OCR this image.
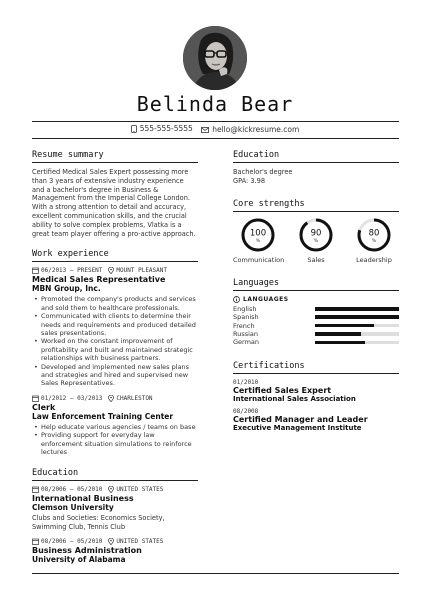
Belinda Bear
555-555-5555
	hello@kickresume.com
Resume summary
Certified Medical Sales Expert possessing more than 3 years of extensive industry experience and a bachelor's degree in Business & Management from the Imperial College London. With a strong attention to detail and accuracy, excellent communication skills, and the crucial ability to solve complex problems, Vlatka is a great team player offering a pro-active approach.
Work experience
06/2013 – PRESENT MOUNT PLEASANT
Medical Sales Representative
MBN Group, Inc.
• Promoted the company's products and services and sold them to healthcare professionals.
• Communicated with clients to determine their needs and requirements and produced detailed sales presentations.
• Worked on the constant improvement of profitability and built and maintained strategic relationships with business partners.
• Developed and implemented new sales plans and strategies and hired and supervised new Sales Representatives.
01/2012 – 03/2013 CHARLESTON
Clerk
Law Enforcement Training Center
• Help educate various agencies / teams on base
• Providing support for everyday law enforcement situation simulations to reinforce lectures
Education
08/2006 – 05/2010 UNITED STATES
International Business
Clemson University
Clubs and Societies: Economics Society, Swimming Club, Tennis Club
08/2006 – 05/2010 UNITED STATES
Business Administration
University of Alabama
Education
Bachelor's degree
GPA: 3.98
Core strengths
100
%
Communication
90
%
Sales
80
%
Leadership
Languages
LANGUAGES
English
Spanish
French
Russian
German
Certifications
01/2010
Certified Sales Expert
International Sales Association
08/2008
Certified Manager and Leader
Executive Management Institute
